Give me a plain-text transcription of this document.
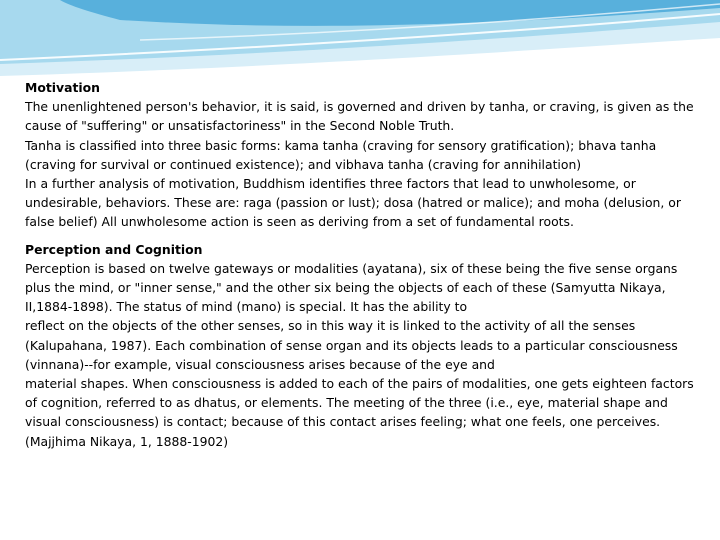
Motivation

The unenlightened person's behavior, it is said, is governed and driven by tanha, or craving, is given as the cause of "suffering" or unsatisfactoriness" in the Second Noble Truth.

Tanha is classified into three basic forms: kama tanha (craving for sensory gratification); bhava tanha (craving for survival or continued existence); and vibhava tanha (craving for annihilation)

In a further analysis of motivation, Buddhism identifies three factors that lead to unwholesome, or undesirable, behaviors. These are: raga (passion or lust); dosa (hatred or malice); and moha (delusion, or false belief) All unwholesome action is seen as deriving from a set of fundamental roots.

Perception and Cognition

Perception is based on twelve gateways or modalities (ayatana), six of these being the five sense organs plus the mind, or "inner sense," and the other six being the objects of each of these (Samyutta Nikaya, II,1884-1898). The status of mind (mano) is special. It has the ability to

reflect on the objects of the other senses, so in this way it is linked to the activity of all the senses (Kalupahana, 1987). Each combination of sense organ and its objects leads to a particular consciousness (vinnana)--for example, visual consciousness arises because of the eye and

material shapes. When consciousness is added to each of the pairs of modalities, one gets eighteen factors of cognition, referred to as dhatus, or elements. The meeting of the three (i.e., eye, material shape and visual consciousness) is contact; because of this contact arises feeling; what one feels, one perceives. (Majjhima Nikaya, 1, 1888-1902)
